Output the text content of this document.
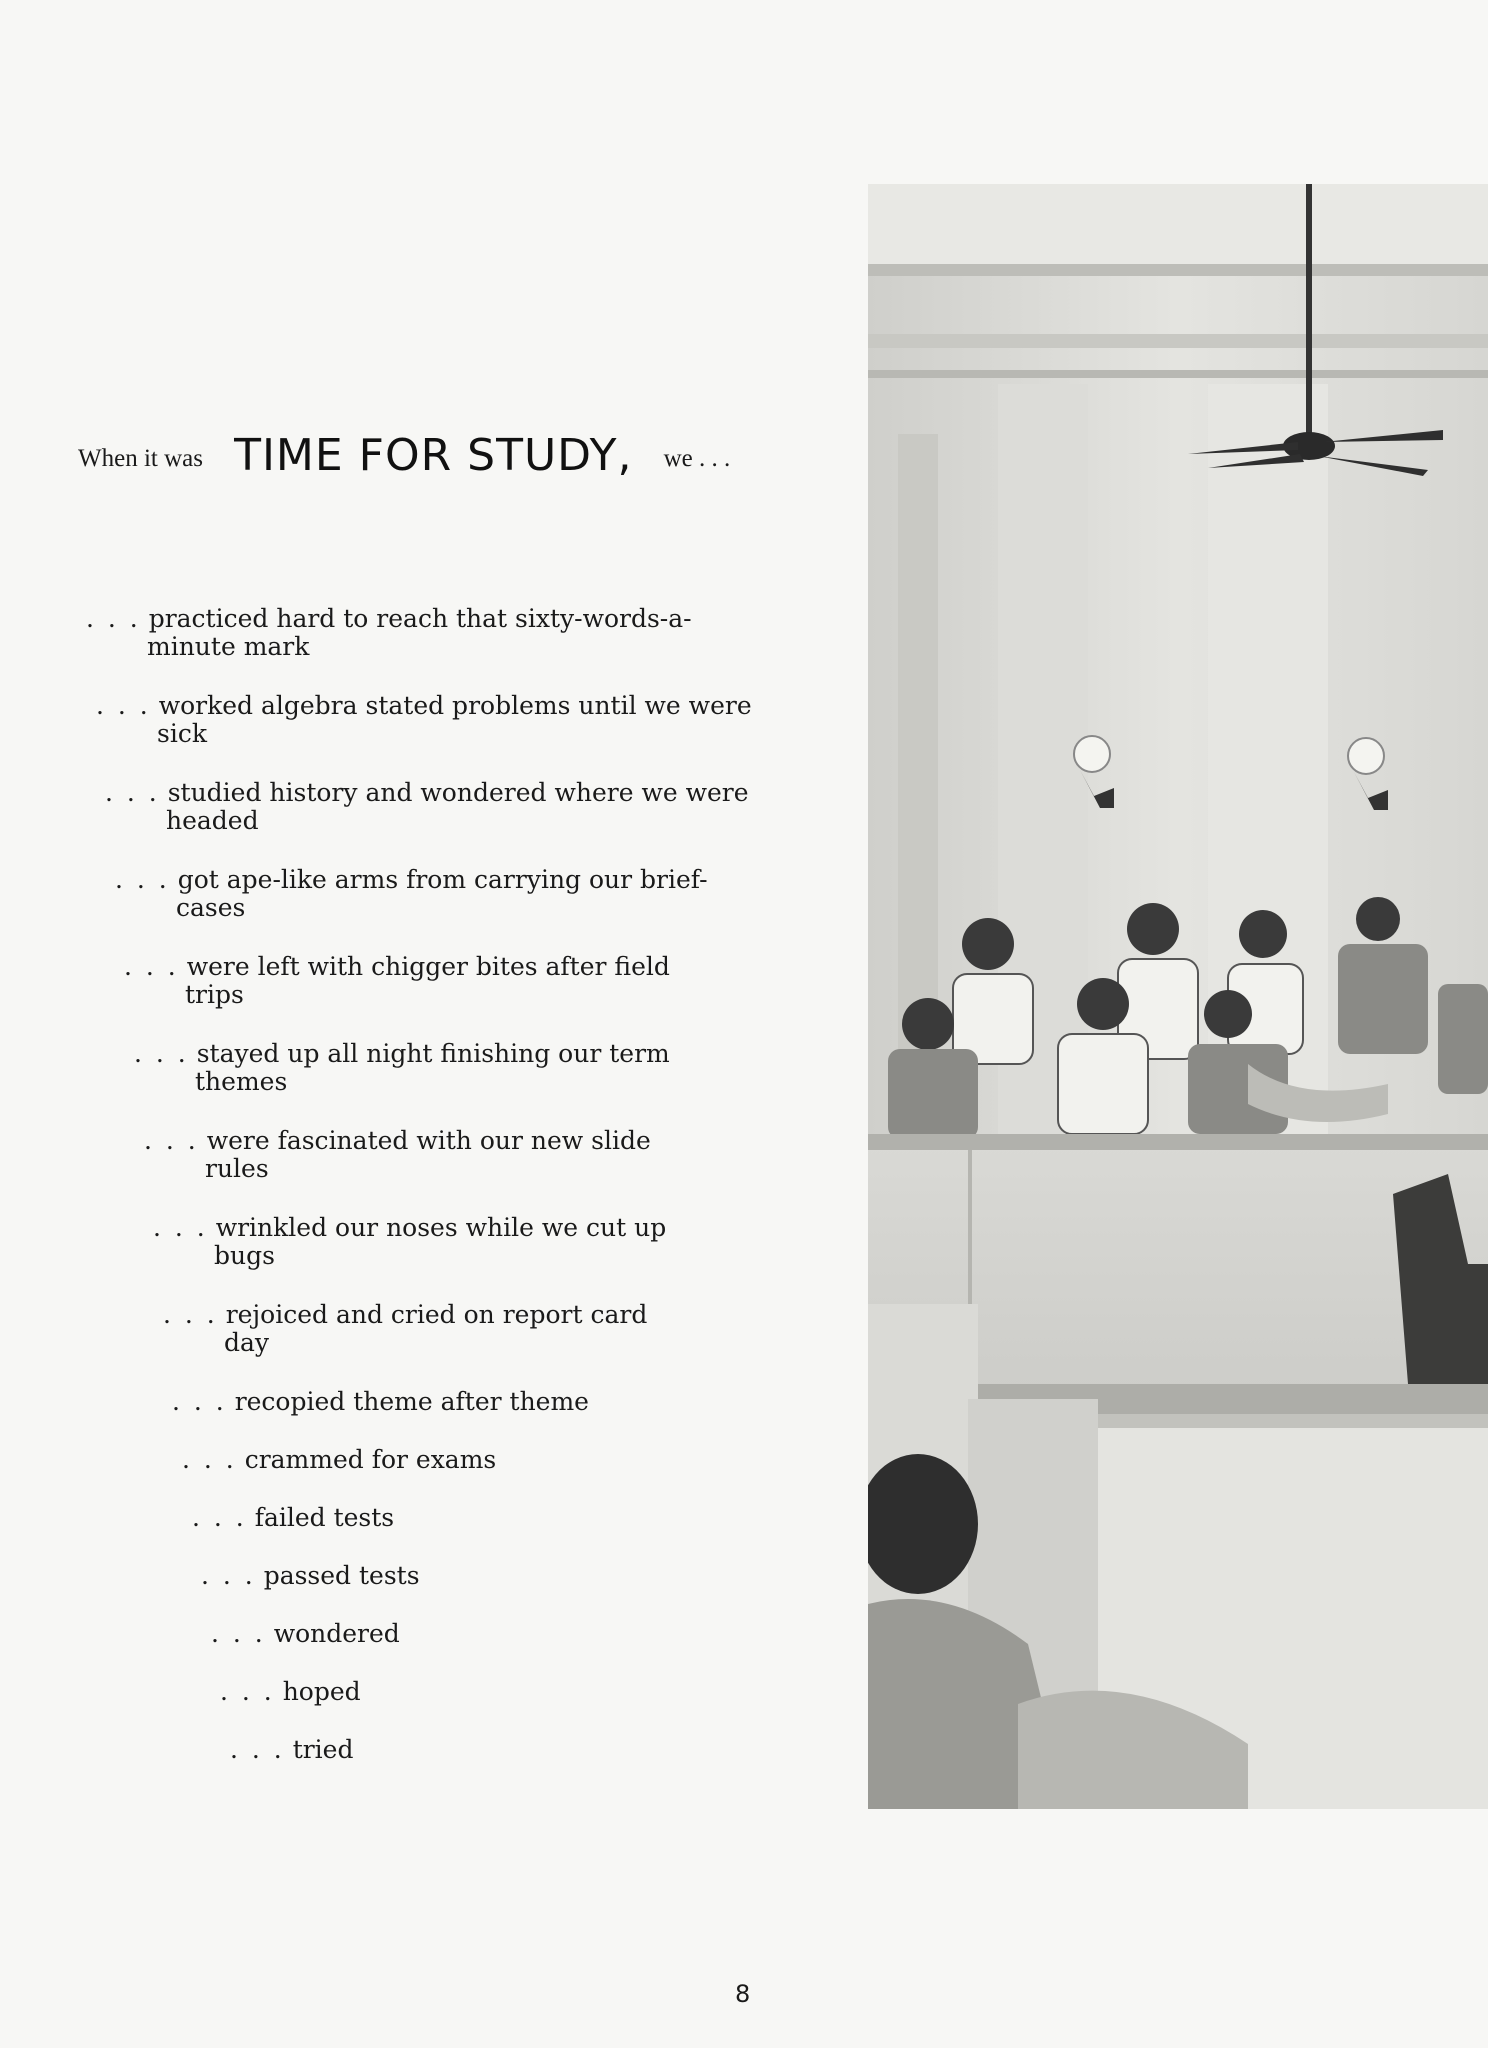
When it was TIME FOR STUDY, we . . .
. . . practiced hard to reach that sixty-words-a-
minute mark
. . . worked algebra stated problems until we were
sick
. . . studied history and wondered where we were
headed
. . . got ape-like arms from carrying our brief-
cases
. . . were left with chigger bites after field
trips
. . . stayed up all night finishing our term
themes
. . . were fascinated with our new slide
rules
. . . wrinkled our noses while we cut up
bugs
. . . rejoiced and cried on report card
day
. . . recopied theme after theme
. . . crammed for exams
. . . failed tests
. . . passed tests
. . . wondered
. . . hoped
. . . tried
8
